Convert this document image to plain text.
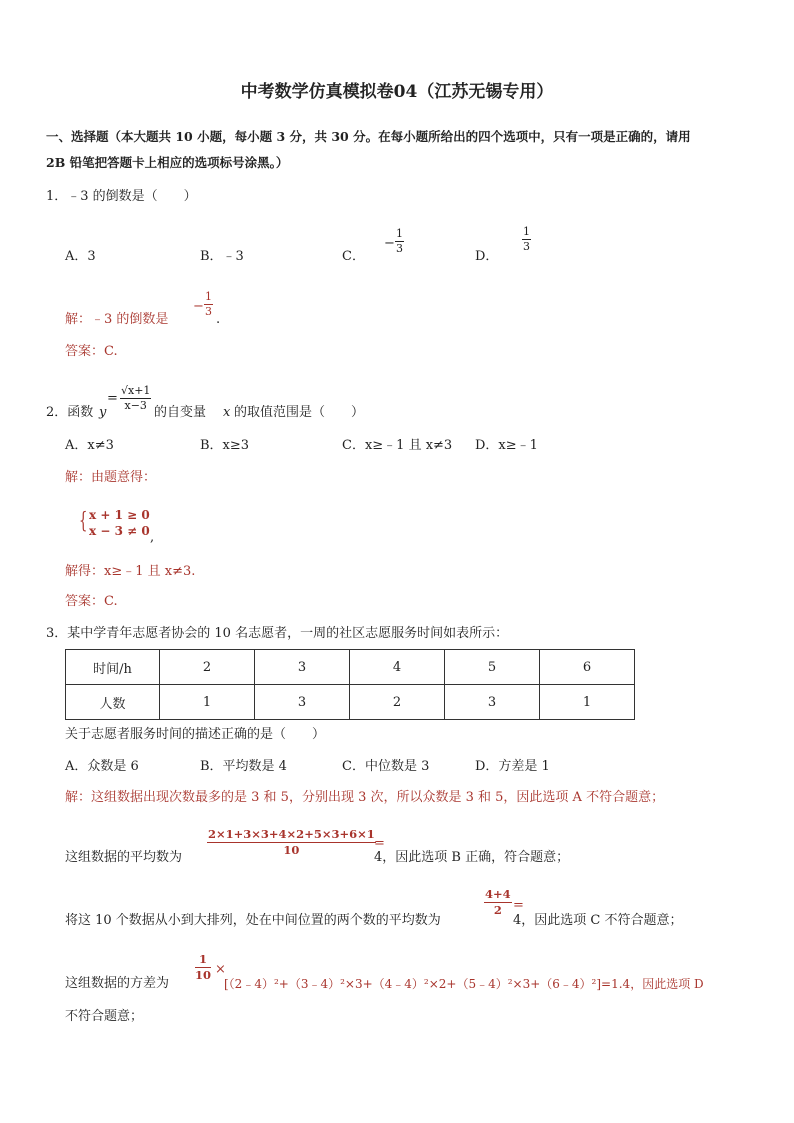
中考数学仿真模拟卷04（江苏无锡专用）
一、选择题（本大题共 10 小题，每小题 3 分，共 30 分。在每小题所给出的四个选项中，只有一项是正确的，请用
2B 铅笔把答题卡上相应的选项标号涂黑。）
1．﹣3 的倒数是（　　）
A．3	B．﹣3	C．
−
1
3
D．
1
3
解：﹣3 的倒数是
−
1
3
.
答案：C.
2．函数 y
=
√x+1
x−3 的自变量 x 的取值范围是（　　）
A．x≠3	B．x≥3	C．x≥﹣1 且 x≠3 D．x≥﹣1
解：由题意得：
{ x + 1 ≥ 0
x − 3 ≠ 0 ,
解得：x≥﹣1 且 x≠3.
答案：C.
3．某中学青年志愿者协会的 10 名志愿者，一周的社区志愿服务时间如表所示：
时间/h	2	3	4	5	6
人数	1	3	2	3	1
关于志愿者服务时间的描述正确的是（　　）
A．众数是 6	B．平均数是 4	C．中位数是 3	D．方差是 1
解：这组数据出现次数最多的是 3 和 5，分别出现 3 次，所以众数是 3 和 5，因此选项 A 不符合题意；
这组数据的平均数为
2×1+3×3+4×2+5×3+6×1
10	=
4，因此选项 B 正确，符合题意；
将这 10 个数据从小到大排列，处在中间位置的两个数的平均数为
4+4
2 =
4，因此选项 C 不符合题意；
这组数据的方差为
1
10 ×
[（2﹣4）²+（3﹣4）²×3+（4﹣4）²×2+（5﹣4）²×3+（6﹣4）²]=1.4，因此选项 D
不符合题意；
